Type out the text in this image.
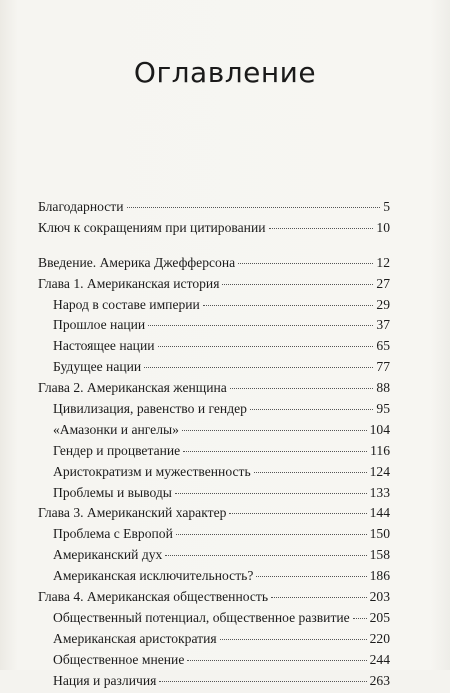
Оглавление
Благодарности	5
Ключ к сокращениям при цитировании	10
Введение. Америка Джефферсона	12
Глава 1. Американская история	27
Народ в составе империи	29
Прошлое нации	37
Настоящее нации	65
Будущее нации	77
Глава 2. Американская женщина	88
Цивилизация, равенство и гендер	95
«Амазонки и ангелы»	104
Гендер и процветание	116
Аристократизм и мужественность	124
Проблемы и выводы	133
Глава 3. Американский характер	144
Проблема с Европой	150
Американский дух	158
Американская исключительность?	186
Глава 4. Американская общественность	203
Общественный потенциал, общественное развитие 205
Американская аристократия	220
Общественное мнение	244
Нация и различия	263
